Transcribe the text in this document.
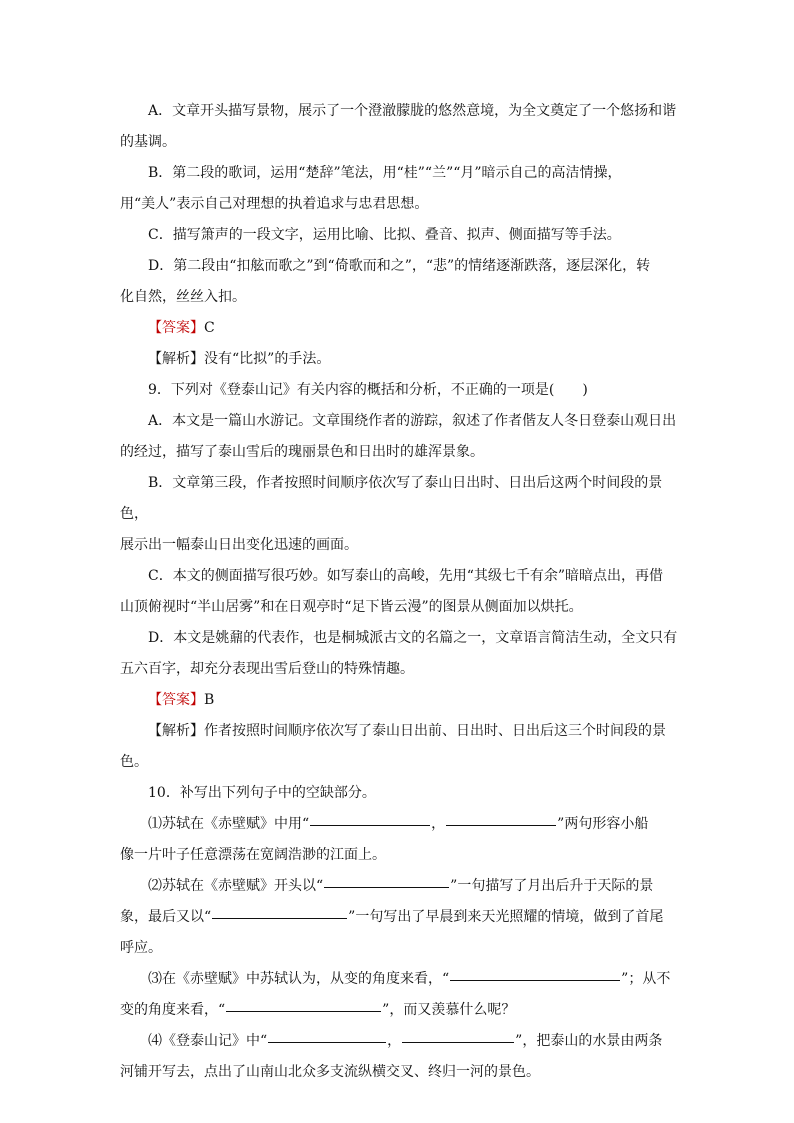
A．文章开头描写景物，展示了一个澄澈朦胧的悠然意境，为全文奠定了一个悠扬和谐

的基调。

B．第二段的歌词，运用“楚辞”笔法，用“桂”“兰”“月”暗示自己的高洁情操，

用“美人”表示自己对理想的执着追求与忠君思想。

C．描写箫声的一段文字，运用比喻、比拟、叠音、拟声、侧面描写等手法。

D．第二段由“扣舷而歌之”到“倚歌而和之”，“悲”的情绪逐渐跌落，逐层深化，转

化自然，丝丝入扣。

【答案】C

【解析】没有“比拟”的手法。

9．下列对《登泰山记》有关内容的概括和分析，不正确的一项是(　　)

A．本文是一篇山水游记。文章围绕作者的游踪，叙述了作者偕友人冬日登泰山观日出

的经过，描写了泰山雪后的瑰丽景色和日出时的雄浑景象。

B．文章第三段，作者按照时间顺序依次写了泰山日出时、日出后这两个时间段的景色，

展示出一幅泰山日出变化迅速的画面。

C．本文的侧面描写很巧妙。如写泰山的高峻，先用“其级七千有余”暗暗点出，再借

山顶俯视时“半山居雾”和在日观亭时“足下皆云漫”的图景从侧面加以烘托。

D．本文是姚鼐的代表作，也是桐城派古文的名篇之一，文章语言简洁生动，全文只有

五六百字，却充分表现出雪后登山的特殊情趣。

【答案】B

【解析】作者按照时间顺序依次写了泰山日出前、日出时、日出后这三个时间段的景色。

10．补写出下列句子中的空缺部分。

⑴苏轼在《赤壁赋》中用“	，	”两句形容小船

像一片叶子任意漂荡在宽阔浩渺的江面上。

⑵苏轼在《赤壁赋》开头以“	”一句描写了月出后升于天际的景

象，最后又以“	”一句写出了早晨到来天光照耀的情境，做到了首尾

呼应。

⑶在《赤壁赋》中苏轼认为，从变的角度来看，“	”；从不

变的角度来看，“	”，而又羡慕什么呢？

⑷《登泰山记》中“	，	”，把泰山的水景由两条

河铺开写去，点出了山南山北众多支流纵横交叉、终归一河的景色。
